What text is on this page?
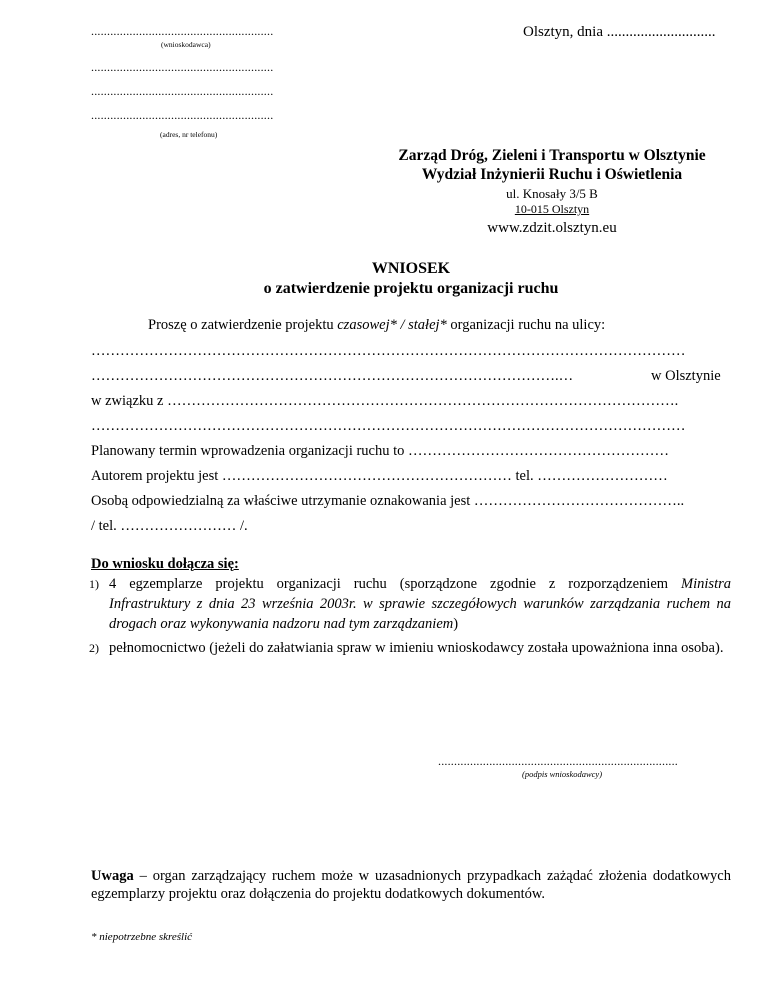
.........................................................
(wnioskodawca)
Olsztyn, dnia .............................
.........................................................
.........................................................
.........................................................
(adres, nr telefonu)
Zarząd Dróg, Zieleni i Transportu w Olsztynie
Wydział Inżynierii Ruchu i Oświetlenia
ul. Knosały 3/5 B
10-015 Olsztyn
www.zdzit.olsztyn.eu
WNIOSEK
o zatwierdzenie projektu organizacji ruchu
Proszę o zatwierdzenie projektu czasowej* / stałej* organizacji ruchu na ulicy:
……………………………………………………………………………………………………………
…………………………………………………………………………………….…	w Olsztynie
w związku z …………………………………………………………………………………………….
……………………………………………………………………………………………………………
Planowany termin wprowadzenia organizacji ruchu to ………………………………………………
Autorem projektu jest …………………………………………………… tel. ………………………
Osobą odpowiedzialną za właściwe utrzymanie oznakowania jest ……………………………………..
/ tel. …………………… /.
Do wniosku dołącza się:
1) 4 egzemplarze projektu organizacji ruchu (sporządzone zgodnie z rozporządzeniem Ministra Infrastruktury z dnia 23 września 2003r. w sprawie szczegółowych warunków zarządzania ruchem na drogach oraz wykonywania nadzoru nad tym zarządzaniem)
2) pełnomocnictwo (jeżeli do załatwiania spraw w imieniu wnioskodawcy została upoważniona inna osoba).
...........................................................................
(podpis wnioskodawcy)
Uwaga – organ zarządzający ruchem może w uzasadnionych przypadkach zażądać złożenia dodatkowych egzemplarzy projektu oraz dołączenia do projektu dodatkowych dokumentów.
* niepotrzebne skreślić
